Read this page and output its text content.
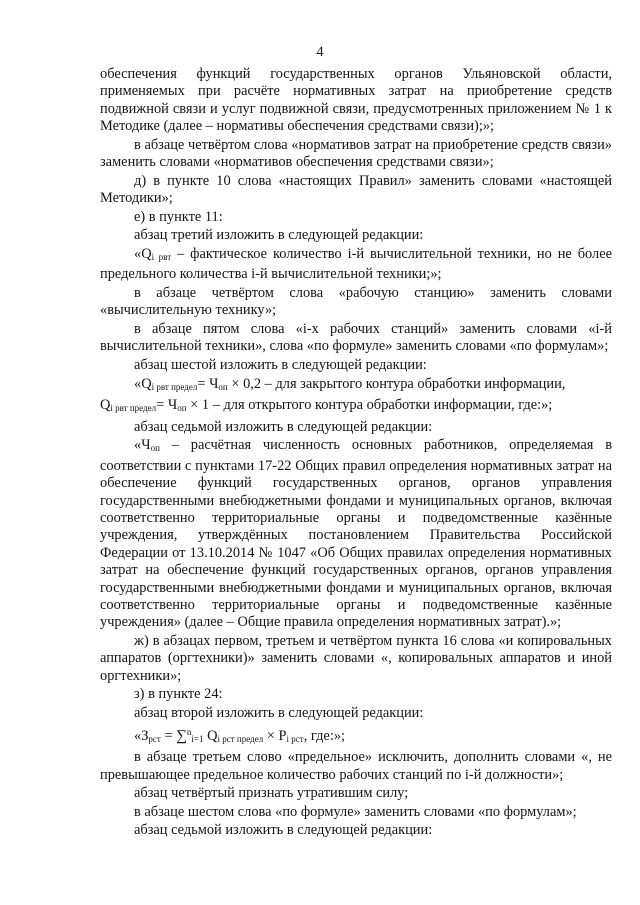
4

обеспечения функций государственных органов Ульяновской области, применяемых при расчёте нормативных затрат на приобретение средств подвижной связи и услуг подвижной связи, предусмотренных приложением № 1 к Методике (далее – нормативы обеспечения средствами связи);»;

в абзаце четвёртом слова «нормативов затрат на приобретение средств связи» заменить словами «нормативов обеспечения средствами связи»;

д) в пункте 10 слова «настоящих Правил» заменить словами «настоящей Методики»;

е) в пункте 11:

абзац третий изложить в следующей редакции:

«$Q_{i рвт}$ – фактическое количество i-й вычислительной техники, но не более предельного количества i-й вычислительной техники;»;

в абзаце четвёртом слова «рабочую станцию» заменить словами «вычислительную технику»;

в абзаце пятом слова «i-х рабочих станций» заменить словами «i-й вычислительной техники», слова «по формуле» заменить словами «по формулам»;

абзац шестой изложить в следующей редакции:

«$Q_{i рвт предел}= Ч_{оп} \times 0,2$ – для закрытого контура обработки информации,

$Q_{i рвт предел}= Ч_{оп} \times 1$ – для открытого контура обработки информации, где:»;

абзац седьмой изложить в следующей редакции:

«$Ч_{оп}$ – расчётная численность основных работников, определяемая в соответствии с пунктами 17-22 Общих правил определения нормативных затрат на обеспечение функций государственных органов, органов управления государственными внебюджетными фондами и муниципальных органов, включая соответственно территориальные органы и подведомственные казённые учреждения, утверждённых постановлением Правительства Российской Федерации от 13.10.2014 № 1047 «Об Общих правилах определения нормативных затрат на обеспечение функций государственных органов, органов управления государственными внебюджетными фондами и муниципальных органов, включая соответственно территориальные органы и подведомственные казённые учреждения» (далее – Общие правила определения нормативных затрат).»;

ж) в абзацах первом, третьем и четвёртом пункта 16 слова «и копировальных аппаратов (оргтехники)» заменить словами «, копировальных аппаратов и иной оргтехники»;

з) в пункте 24:

абзац второй изложить в следующей редакции:

«$З_{рст} = \sum^n_{i=1}$ $Q_{i рст предел} \times P_{i рст}$, где:»;

в абзаце третьем слово «предельное» исключить, дополнить словами «, не превышающее предельное количество рабочих станций по i-й должности»;

абзац четвёртый признать утратившим силу;

в абзаце шестом слова «по формуле» заменить словами «по формулам»;

абзац седьмой изложить в следующей редакции:
